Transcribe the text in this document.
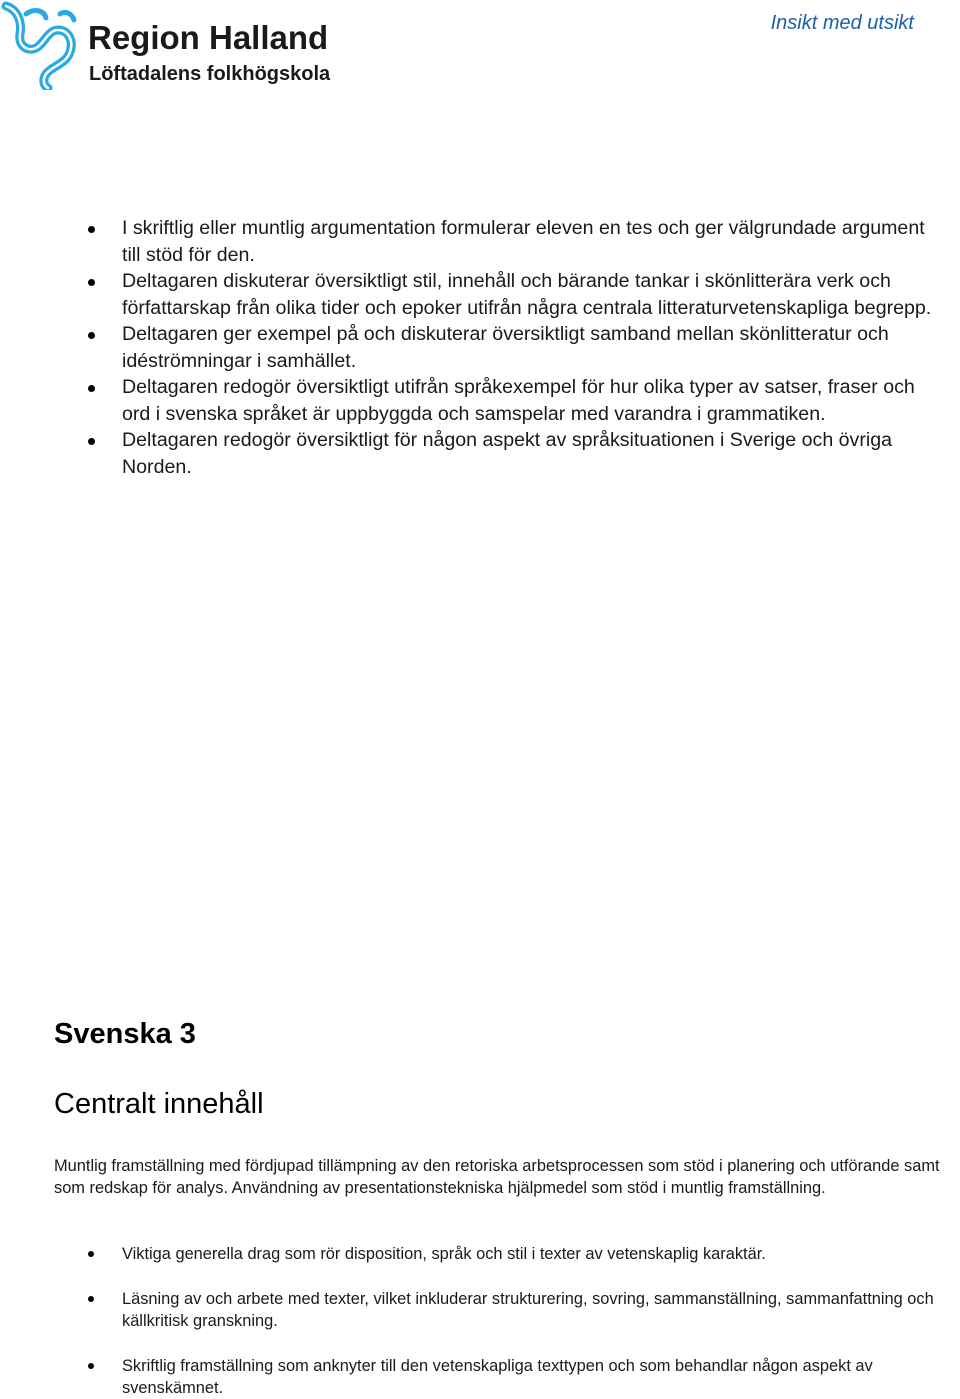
Region Halland
Löftadalens folkhögskola
Insikt med utsikt
I skriftlig eller muntlig argumentation formulerar eleven en tes och ger välgrundade argument till stöd för den.
Deltagaren diskuterar översiktligt stil, innehåll och bärande tankar i skönlitterära verk och författarskap från olika tider och epoker utifrån några centrala litteraturvetenskapliga begrepp.
Deltagaren ger exempel på och diskuterar översiktligt samband mellan skönlitteratur och idéströmningar i samhället.
Deltagaren redogör översiktligt utifrån språkexempel för hur olika typer av satser, fraser och ord i svenska språket är uppbyggda och samspelar med varandra i grammatiken.
Deltagaren redogör översiktligt för någon aspekt av språksituationen i Sverige och övriga Norden.
Svenska 3
Centralt innehåll
Muntlig framställning med fördjupad tillämpning av den retoriska arbetsprocessen som stöd i planering och utförande samt som redskap för analys. Användning av presentationstekniska hjälpmedel som stöd i muntlig framställning.
Viktiga generella drag som rör disposition, språk och stil i texter av vetenskaplig karaktär.
Läsning av och arbete med texter, vilket inkluderar strukturering, sovring, sammanställning, sammanfattning och källkritisk granskning.
Skriftlig framställning som anknyter till den vetenskapliga texttypen och som behandlar någon aspekt av svenskämnet.
